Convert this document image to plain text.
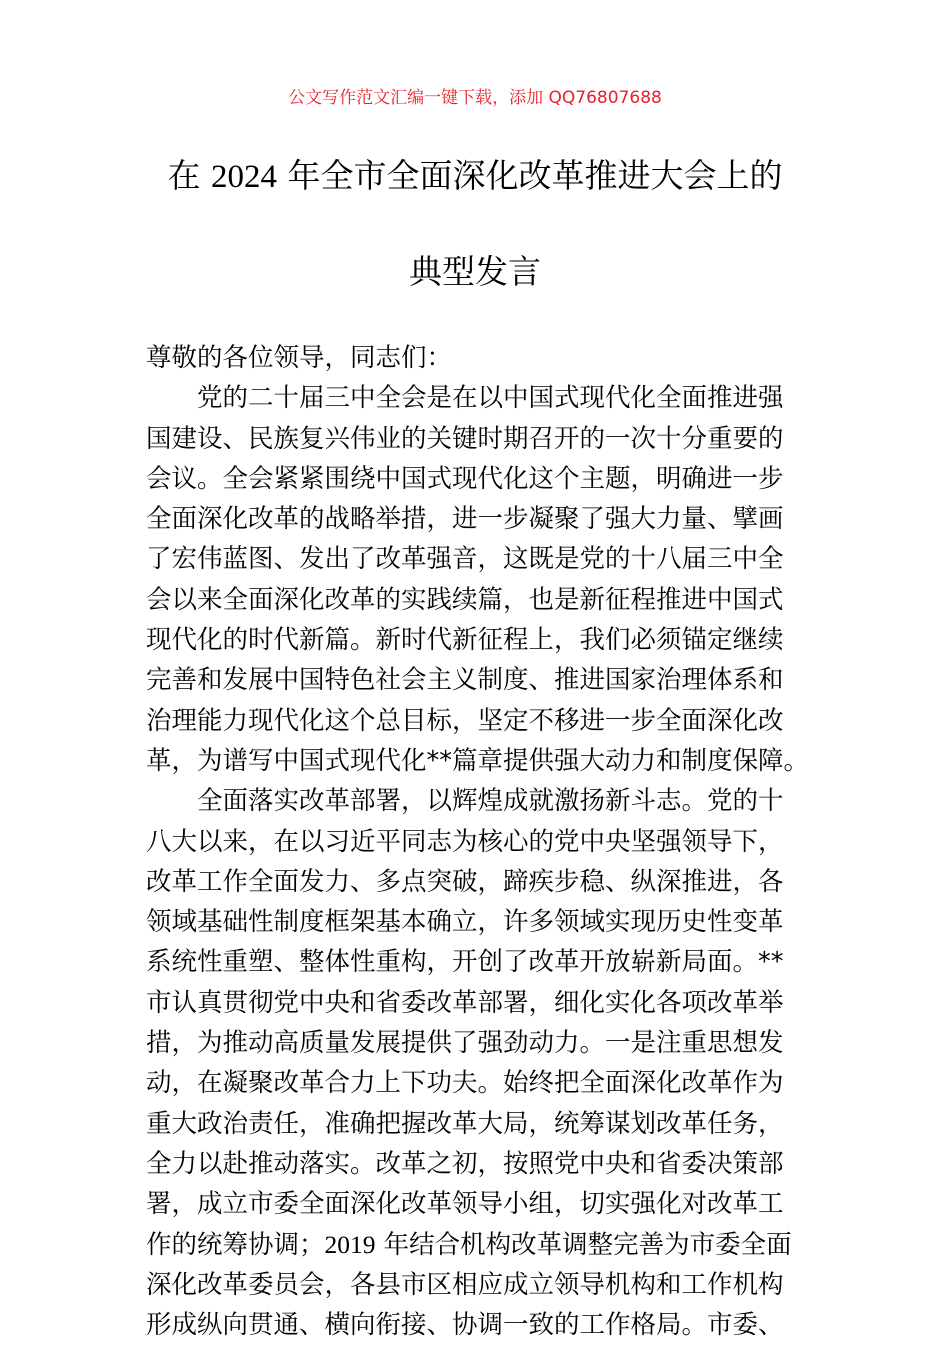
公文写作范文汇编一键下载，添加 QQ76807688
在 2024 年全市全面深化改革推进大会上的
典型发言
尊敬的各位领导，同志们：
党的二十届三中全会是在以中国式现代化全面推进强
国建设、民族复兴伟业的关键时期召开的一次十分重要的
会议。全会紧紧围绕中国式现代化这个主题，明确进一步
全面深化改革的战略举措，进一步凝聚了强大力量、擘画
了宏伟蓝图、发出了改革强音，这既是党的十八届三中全
会以来全面深化改革的实践续篇，也是新征程推进中国式
现代化的时代新篇。新时代新征程上，我们必须锚定继续
完善和发展中国特色社会主义制度、推进国家治理体系和
治理能力现代化这个总目标，坚定不移进一步全面深化改
革，为谱写中国式现代化**篇章提供强大动力和制度保障。
全面落实改革部署，以辉煌成就激扬新斗志。党的十
八大以来，在以习近平同志为核心的党中央坚强领导下，
改革工作全面发力、多点突破，蹄疾步稳、纵深推进，各
领域基础性制度框架基本确立，许多领域实现历史性变革
系统性重塑、整体性重构，开创了改革开放崭新局面。**
市认真贯彻党中央和省委改革部署，细化实化各项改革举
措，为推动高质量发展提供了强劲动力。一是注重思想发
动，在凝聚改革合力上下功夫。始终把全面深化改革作为
重大政治责任，准确把握改革大局，统筹谋划改革任务，
全力以赴推动落实。改革之初，按照党中央和省委决策部
署，成立市委全面深化改革领导小组，切实强化对改革工
作的统筹协调；2019 年结合机构改革调整完善为市委全面
深化改革委员会，各县市区相应成立领导机构和工作机构
形成纵向贯通、横向衔接、协调一致的工作格局。市委、
